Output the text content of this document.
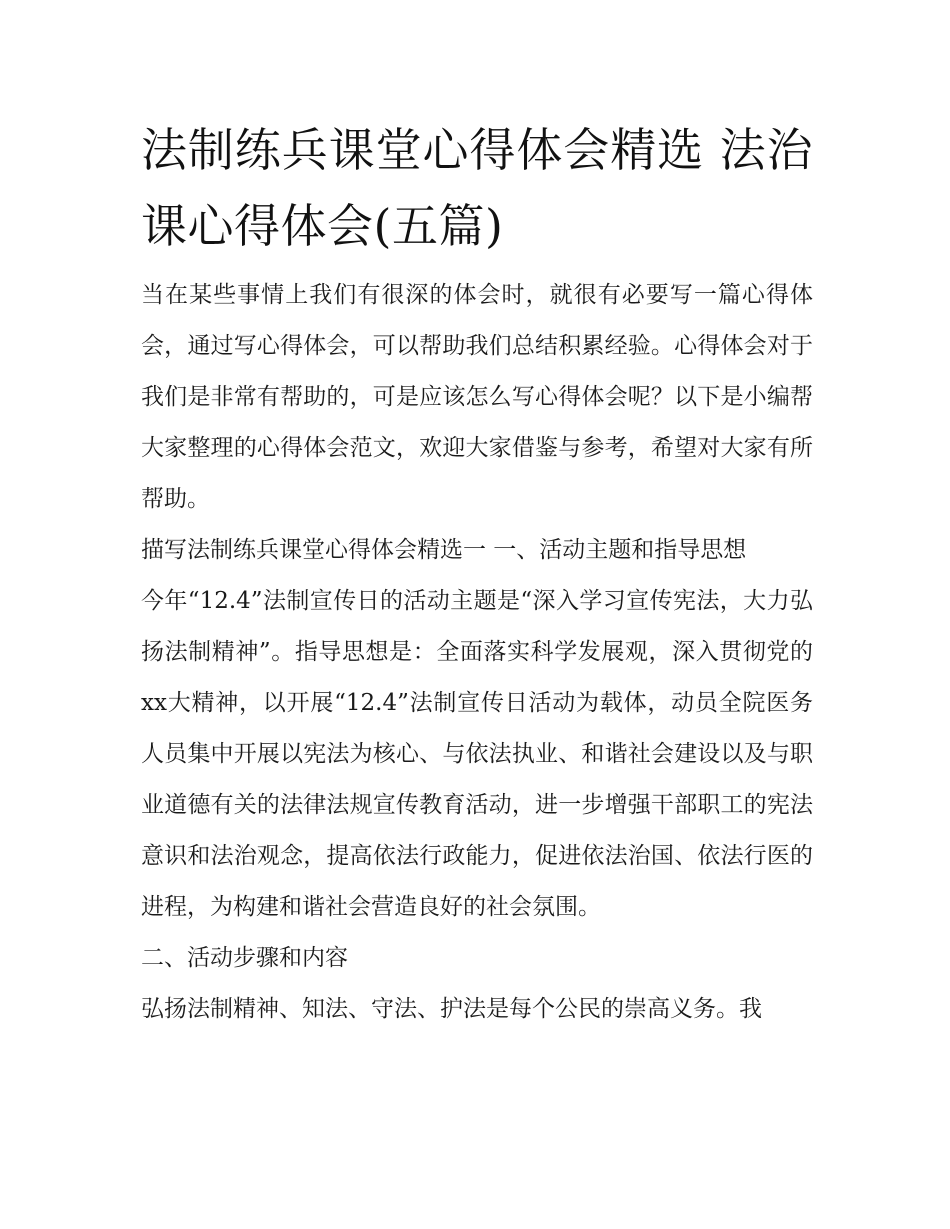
法制练兵课堂心得体会精选 法治课心得体会(五篇)

当在某些事情上我们有很深的体会时，就很有必要写一篇心得体会，通过写心得体会，可以帮助我们总结积累经验。心得体会对于我们是非常有帮助的，可是应该怎么写心得体会呢？以下是小编帮大家整理的心得体会范文，欢迎大家借鉴与参考，希望对大家有所帮助。

描写法制练兵课堂心得体会精选一 一、活动主题和指导思想

今年“12.4”法制宣传日的活动主题是“深入学习宣传宪法，大力弘扬法制精神”。指导思想是：全面落实科学发展观，深入贯彻党的xx大精神，以开展“12.4”法制宣传日活动为载体，动员全院医务人员集中开展以宪法为核心、与依法执业、和谐社会建设以及与职业道德有关的法律法规宣传教育活动，进一步增强干部职工的宪法意识和法治观念，提高依法行政能力，促进依法治国、依法行医的进程，为构建和谐社会营造良好的社会氛围。

二、活动步骤和内容

弘扬法制精神、知法、守法、护法是每个公民的崇高义务。我
